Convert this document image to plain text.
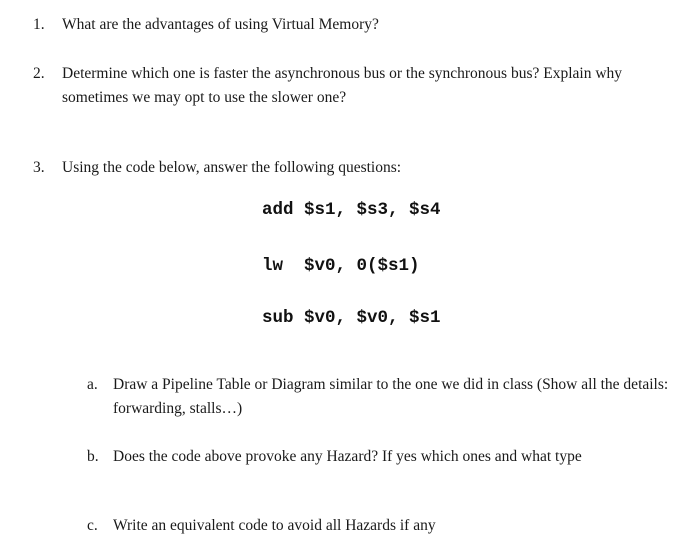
1. What are the advantages of using Virtual Memory?
2. Determine which one is faster the asynchronous bus or the synchronous bus? Explain why sometimes we may opt to use the slower one?
3. Using the code below, answer the following questions:
add $s1, $s3, $s4
lw  $v0, 0($s1)
sub $v0, $v0, $s1
a. Draw a Pipeline Table or Diagram similar to the one we did in class (Show all the details: forwarding, stalls…)
b. Does the code above provoke any Hazard? If yes which ones and what type
c. Write an equivalent code to avoid all Hazards if any
